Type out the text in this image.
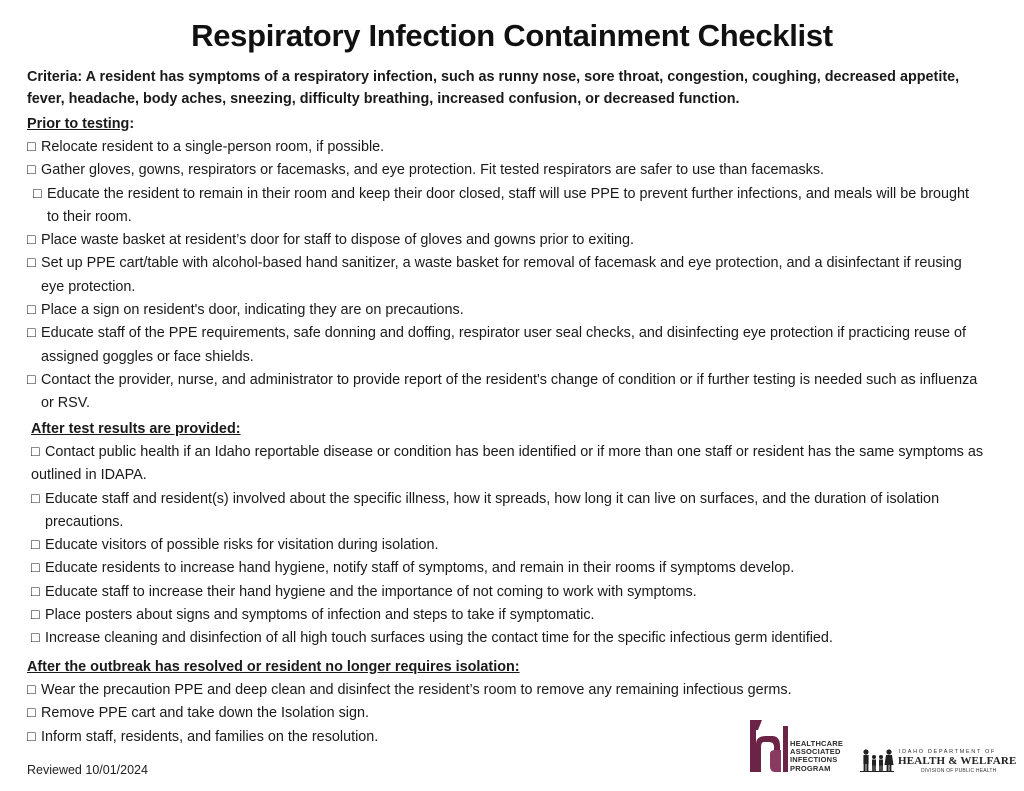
Respiratory Infection Containment Checklist
Criteria: A resident has symptoms of a respiratory infection, such as runny nose, sore throat, congestion, coughing, decreased appetite, fever, headache, body aches, sneezing, difficulty breathing, increased confusion, or decreased function.
Prior to testing:
□Relocate resident to a single-person room, if possible.
□Gather gloves, gowns, respirators or facemasks, and eye protection. Fit tested respirators are safer to use than facemasks.
□Educate the resident to remain in their room and keep their door closed, staff will use PPE to prevent further infections, and meals will be brought to their room.
□Place waste basket at resident’s door for staff to dispose of gloves and gowns prior to exiting.
□Set up PPE cart/table with alcohol-based hand sanitizer, a waste basket for removal of facemask and eye protection, and a disinfectant if reusing eye protection.
□Place a sign on resident's door, indicating they are on precautions.
□Educate staff of the PPE requirements, safe donning and doffing, respirator user seal checks, and disinfecting eye protection if practicing reuse of assigned goggles or face shields.
□Contact the provider, nurse, and administrator to provide report of the resident's change of condition or if further testing is needed such as influenza or RSV.
After test results are provided:
□Contact public health if an Idaho reportable disease or condition has been identified or if more than one staff or resident has the same symptoms as outlined in IDAPA.
□Educate staff and resident(s) involved about the specific illness, how it spreads, how long it can live on surfaces, and the duration of isolation precautions.
□Educate visitors of possible risks for visitation during isolation.
□Educate residents to increase hand hygiene, notify staff of symptoms, and remain in their rooms if symptoms develop.
□Educate staff to increase their hand hygiene and the importance of not coming to work with symptoms.
□Place posters about signs and symptoms of infection and steps to take if symptomatic.
□Increase cleaning and disinfection of all high touch surfaces using the contact time for the specific infectious germ identified.
After the outbreak has resolved or resident no longer requires isolation:
□Wear the precaution PPE and deep clean and disinfect the resident’s room to remove any remaining infectious germs.
□Remove PPE cart and take down the Isolation sign.
□Inform staff, residents, and families on the resolution.
Reviewed 10/01/2024
HEALTHCARE
ASSOCIATED
INFECTIONS
PROGRAM
IDAHO DEPARTMENT OF
HEALTH & WELFARE
DIVISION OF PUBLIC HEALTH
